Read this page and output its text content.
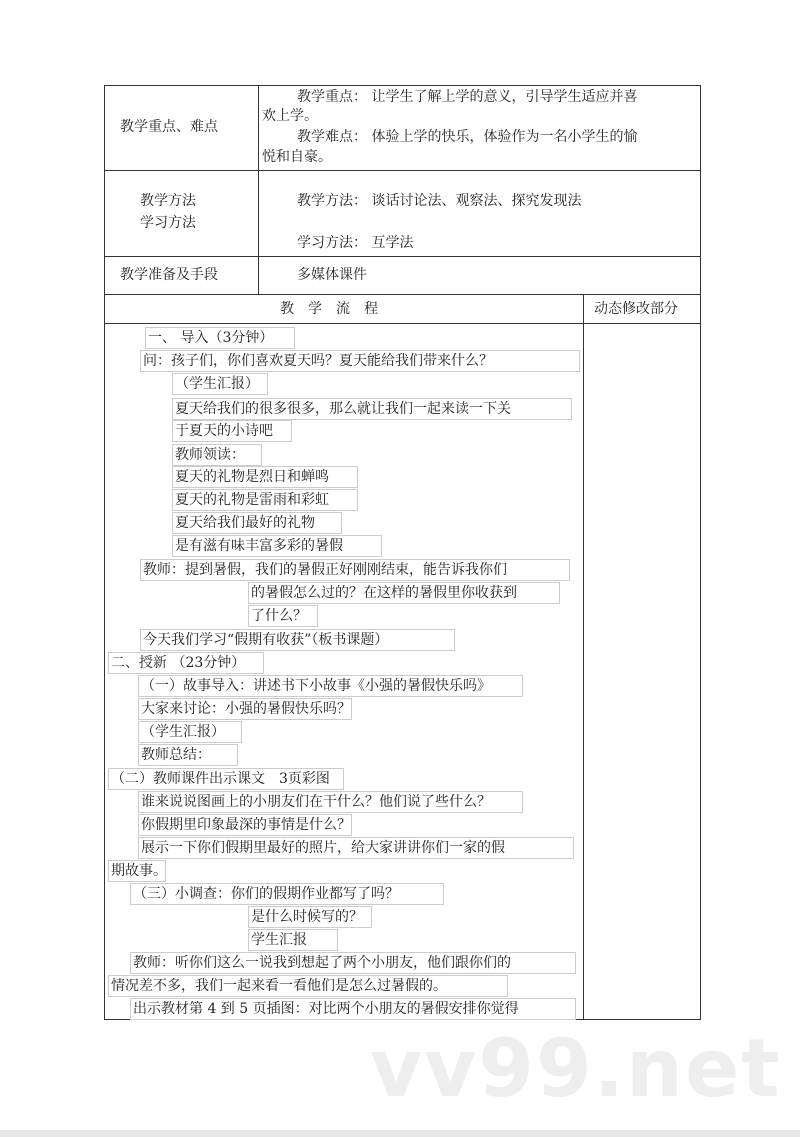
教学重点、难点
教学重点： 让学生了解上学的意义，引导学生适应并喜
欢上学。
教学难点： 体验上学的快乐，体验作为一名小学生的愉
悦和自豪。
教学方法
学习方法
教学方法： 谈话讨论法、观察法、探究发现法
学习方法： 互学法
教学准备及手段	多媒体课件
教　学　流　程	动态修改部分
一、 导入（3分钟）
问：孩子们，你们喜欢夏天吗？夏天能给我们带来什么？
（学生汇报）
夏天给我们的很多很多，那么就让我们一起来读一下关
于夏天的小诗吧
教师领读：
夏天的礼物是烈日和蝉鸣
夏天的礼物是雷雨和彩虹
夏天给我们最好的礼物
是有滋有味丰富多彩的暑假
教师：提到暑假，我们的暑假正好刚刚结束，能告诉我你们
的暑假怎么过的？在这样的暑假里你收获到
了什么？
今天我们学习“假期有收获”（板书课题）
二、授新 （23分钟）
（一）故事导入：讲述书下小故事《小强的暑假快乐吗》
大家来讨论：小强的暑假快乐吗？
（学生汇报）
教师总结：
（二）教师课件出示课文　3页彩图
谁来说说图画上的小朋友们在干什么？他们说了些什么？
你假期里印象最深的事情是什么？
展示一下你们假期里最好的照片，给大家讲讲你们一家的假
期故事。
（三）小调查：你们的假期作业都写了吗？
是什么时候写的？
学生汇报
教师：听你们这么一说我到想起了两个小朋友，他们跟你们的
情况差不多，我们一起来看一看他们是怎么过暑假的。
出示教材第 4 到 5 页插图：对比两个小朋友的暑假安排你觉得
vv99.net
